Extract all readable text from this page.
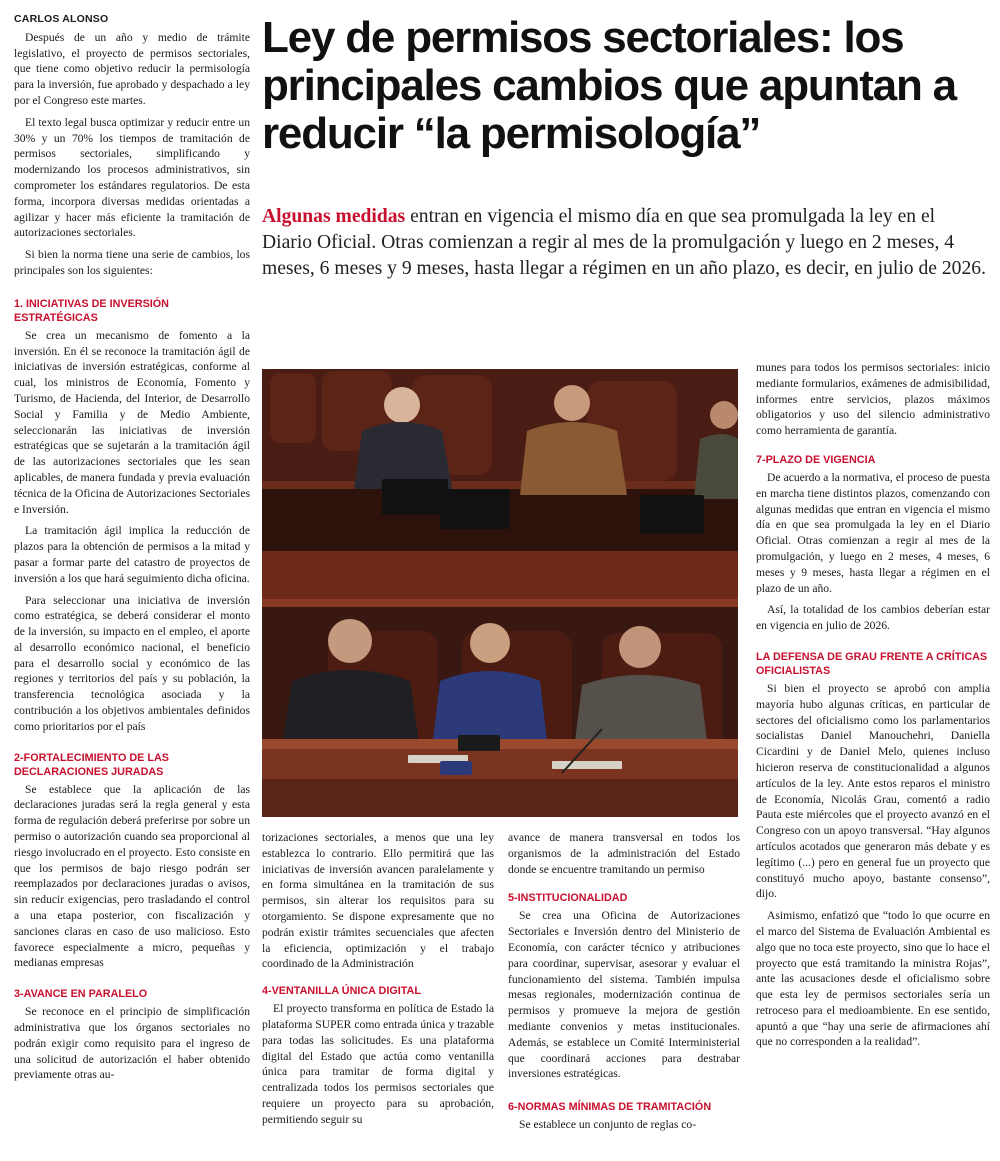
CARLOS ALONSO

Después de un año y medio de trámite legislativo, el proyecto de permisos sectoriales, que tiene como objetivo reducir la permisología para la inversión, fue aprobado y despachado a ley por el Congreso este martes.

El texto legal busca optimizar y reducir entre un 30% y un 70% los tiempos de tramitación de permisos sectoriales, simplificando y modernizando los procesos administrativos, sin comprometer los estándares regulatorios. De esta forma, incorpora diversas medidas orientadas a agilizar y hacer más eficiente la tramitación de autorizaciones sectoriales.

Si bien la norma tiene una serie de cambios, los principales son los siguientes:

1. INICIATIVAS DE INVERSIÓN ESTRATÉGICAS

Se crea un mecanismo de fomento a la inversión. En él se reconoce la tramitación ágil de iniciativas de inversión estratégicas, conforme al cual, los ministros de Economía, Fomento y Turismo, de Hacienda, del Interior, de Desarrollo Social y Familia y de Medio Ambiente, seleccionarán las iniciativas de inversión estratégicas que se sujetarán a la tramitación ágil de las autorizaciones sectoriales que les sean aplicables, de manera fundada y previa evaluación técnica de la Oficina de Autorizaciones Sectoriales e Inversión.

La tramitación ágil implica la reducción de plazos para la obtención de permisos a la mitad y pasar a formar parte del catastro de proyectos de inversión a los que hará seguimiento dicha oficina.

Para seleccionar una iniciativa de inversión como estratégica, se deberá considerar el monto de la inversión, su impacto en el empleo, el aporte al desarrollo económico nacional, el beneficio para el desarrollo social y económico de las regiones y territorios del país y su población, la transferencia tecnológica asociada y la contribución a los objetivos ambientales definidos como prioritarios por el país

2-FORTALECIMIENTO DE LAS DECLARACIONES JURADAS

Se establece que la aplicación de las declaraciones juradas será la regla general y esta forma de regulación deberá preferirse por sobre un permiso o autorización cuando sea proporcional al riesgo involucrado en el proyecto. Esto consiste en que los permisos de bajo riesgo podrán ser reemplazados por declaraciones juradas o avisos, sin reducir exigencias, pero trasladando el control a una etapa posterior, con fiscalización y sanciones claras en caso de uso malicioso. Esto favorece especialmente a micro, pequeñas y medianas empresas

3-AVANCE EN PARALELO

Se reconoce en el principio de simplificación administrativa que los órganos sectoriales no podrán exigir como requisito para el ingreso de una solicitud de autorización el haber obtenido previamente otras au-

Ley de permisos sectoriales: los principales cambios que apuntan a reducir “la permisología”
Algunas medidas entran en vigencia el mismo día en que sea promulgada la ley en el Diario Oficial. Otras comienzan a regir al mes de la promulgación y luego en 2 meses, 4 meses, 6 meses y 9 meses, hasta llegar a régimen en un año plazo, es decir, en julio de 2026.

torizaciones sectoriales, a menos que una ley establezca lo contrario. Ello permitirá que las iniciativas de inversión avancen paralelamente y en forma simultánea en la tramitación de sus permisos, sin alterar los requisitos para su otorgamiento. Se dispone expresamente que no podrán existir trámites secuenciales que afecten la eficiencia, optimización y el trabajo coordinado de la Administración

4-VENTANILLA ÚNICA DIGITAL

El proyecto transforma en política de Estado la plataforma SUPER como entrada única y trazable para todas las solicitudes. Es una plataforma digital del Estado que actúa como ventanilla única para tramitar de forma digital y centralizada todos los permisos sectoriales que requiere un proyecto para su aprobación, permitiendo seguir su

avance de manera transversal en todos los organismos de la administración del Estado donde se encuentre tramitando un permiso

5-INSTITUCIONALIDAD

Se crea una Oficina de Autorizaciones Sectoriales e Inversión dentro del Ministerio de Economía, con carácter técnico y atribuciones para coordinar, supervisar, asesorar y evaluar el funcionamiento del sistema. También impulsa mesas regionales, modernización continua de permisos y promueve la mejora de gestión mediante convenios y metas institucionales. Además, se establece un Comité Interministerial que coordinará acciones para destrabar inversiones estratégicas.

6-NORMAS MÍNIMAS DE TRAMITACIÓN

Se establece un conjunto de reglas co-

munes para todos los permisos sectoriales: inicio mediante formularios, exámenes de admisibilidad, informes entre servicios, plazos máximos obligatorios y uso del silencio administrativo como herramienta de garantía.

7-PLAZO DE VIGENCIA

De acuerdo a la normativa, el proceso de puesta en marcha tiene distintos plazos, comenzando con algunas medidas que entran en vigencia el mismo día en que sea promulgada la ley en el Diario Oficial. Otras comienzan a regir al mes de la promulgación, y luego en 2 meses, 4 meses, 6 meses y 9 meses, hasta llegar a régimen en el plazo de un año.

Así, la totalidad de los cambios deberían estar en vigencia en julio de 2026.

LA DEFENSA DE GRAU FRENTE A CRÍTICAS OFICIALISTAS

Si bien el proyecto se aprobó con amplia mayoría hubo algunas críticas, en particular de sectores del oficialismo como los parlamentarios socialistas Daniel Manouchehri, Daniella Cicardini y de Daniel Melo, quienes incluso hicieron reserva de constitucionalidad a algunos artículos de la ley. Ante estos reparos el ministro de Economía, Nicolás Grau, comentó a radio Pauta este miércoles que el proyecto avanzó en el Congreso con un apoyo transversal. “Hay algunos artículos acotados que generaron más debate y es legítimo (...) pero en general fue un proyecto que constituyó mucho apoyo, bastante consenso”, dijo.

Asimismo, enfatizó que “todo lo que ocurre en el marco del Sistema de Evaluación Ambiental es algo que no toca este proyecto, sino que lo hace el proyecto que está tramitando la ministra Rojas”, ante las acusaciones desde el oficialismo sobre que esta ley de permisos sectoriales sería un retroceso para el medioambiente. En ese sentido, apuntó a que “hay una serie de afirmaciones ahí que no corresponden a la realidad”.
